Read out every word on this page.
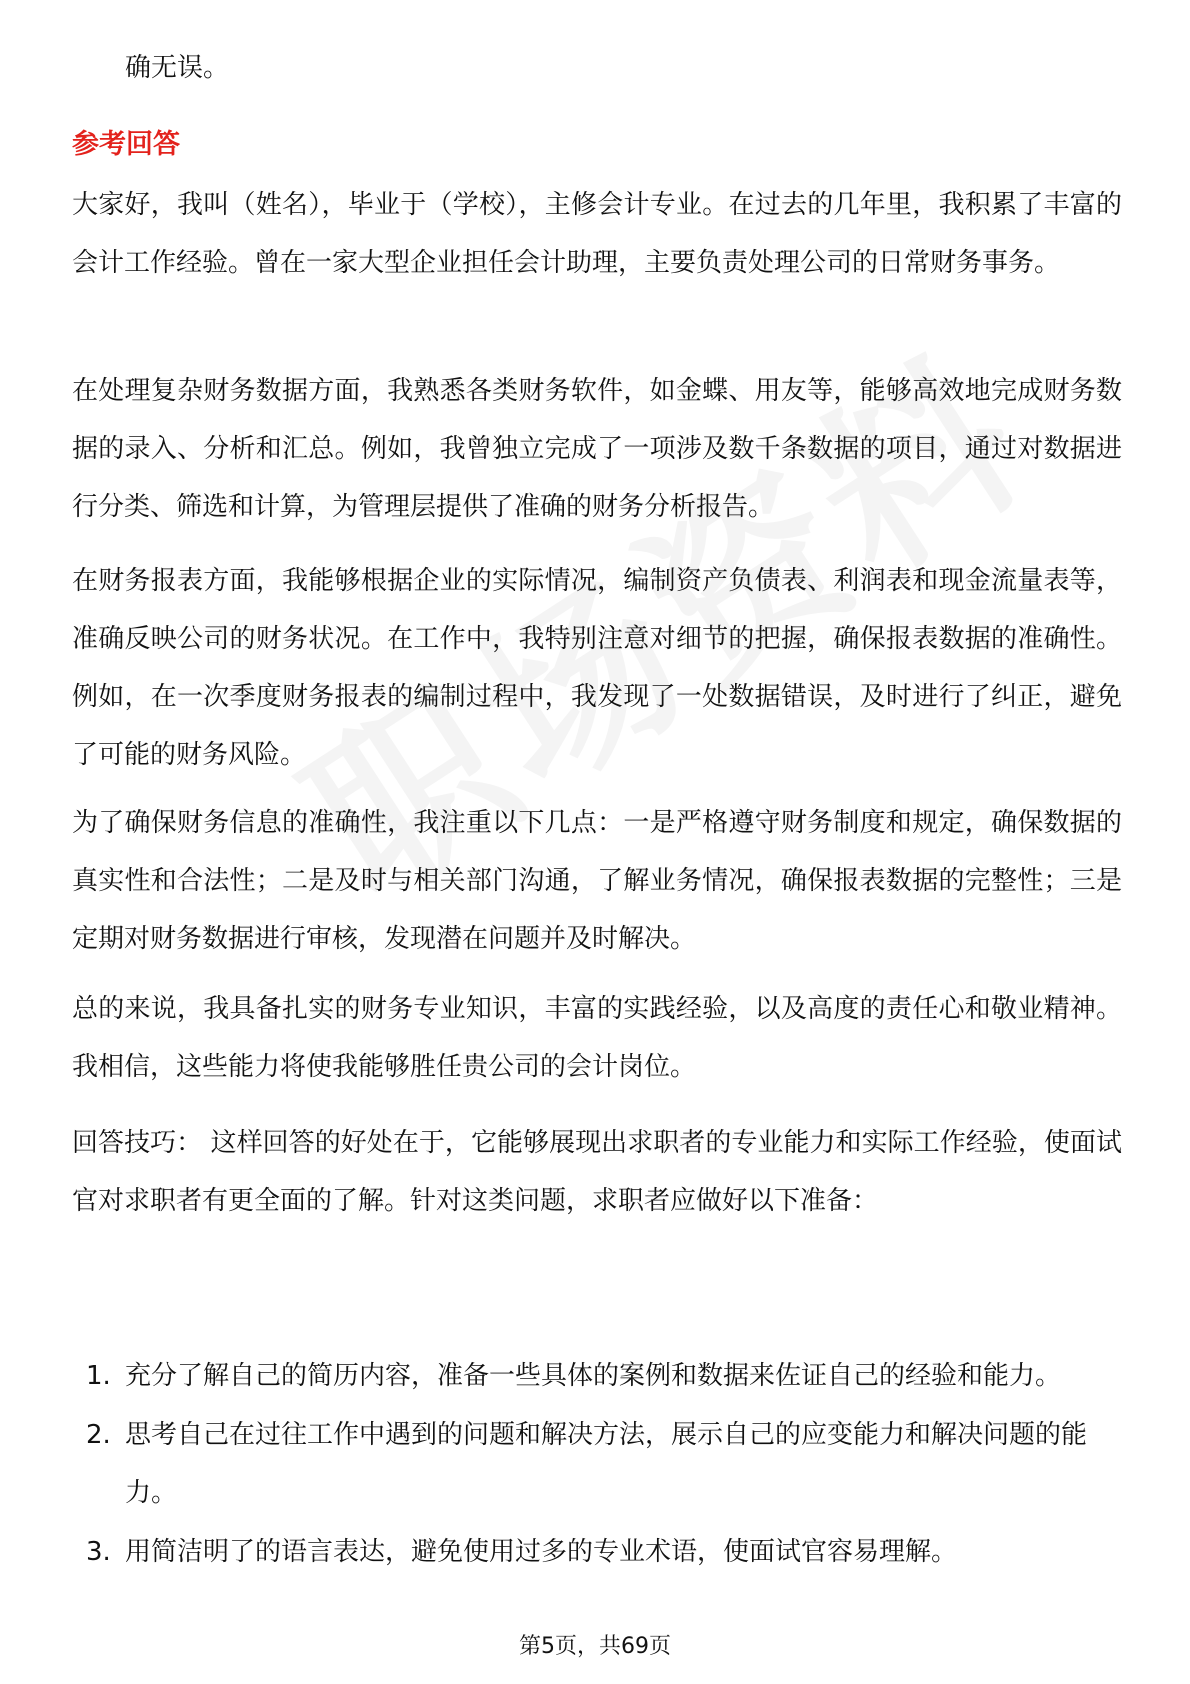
确无误。

参考回答

大家好，我叫（姓名），毕业于（学校），主修会计专业。在过去的几年里，我积累了丰富的会计工作经验。曾在一家大型企业担任会计助理，主要负责处理公司的日常财务事务。

在处理复杂财务数据方面，我熟悉各类财务软件，如金蝶、用友等，能够高效地完成财务数据的录入、分析和汇总。例如，我曾独立完成了一项涉及数千条数据的项目，通过对数据进行分类、筛选和计算，为管理层提供了准确的财务分析报告。

在财务报表方面，我能够根据企业的实际情况，编制资产负债表、利润表和现金流量表等，准确反映公司的财务状况。在工作中，我特别注意对细节的把握，确保报表数据的准确性。例如，在一次季度财务报表的编制过程中，我发现了一处数据错误，及时进行了纠正，避免了可能的财务风险。

为了确保财务信息的准确性，我注重以下几点：一是严格遵守财务制度和规定，确保数据的真实性和合法性；二是及时与相关部门沟通，了解业务情况，确保报表数据的完整性；三是定期对财务数据进行审核，发现潜在问题并及时解决。

总的来说，我具备扎实的财务专业知识，丰富的实践经验，以及高度的责任心和敬业精神。我相信，这些能力将使我能够胜任贵公司的会计岗位。

回答技巧： 这样回答的好处在于，它能够展现出求职者的专业能力和实际工作经验，使面试官对求职者有更全面的了解。针对这类问题，求职者应做好以下准备：

1. 充分了解自己的简历内容，准备一些具体的案例和数据来佐证自己的经验和能力。
2. 思考自己在过往工作中遇到的问题和解决方法，展示自己的应变能力和解决问题的能力。
3. 用简洁明了的语言表达，避免使用过多的专业术语，使面试官容易理解。

第5页，共69页
